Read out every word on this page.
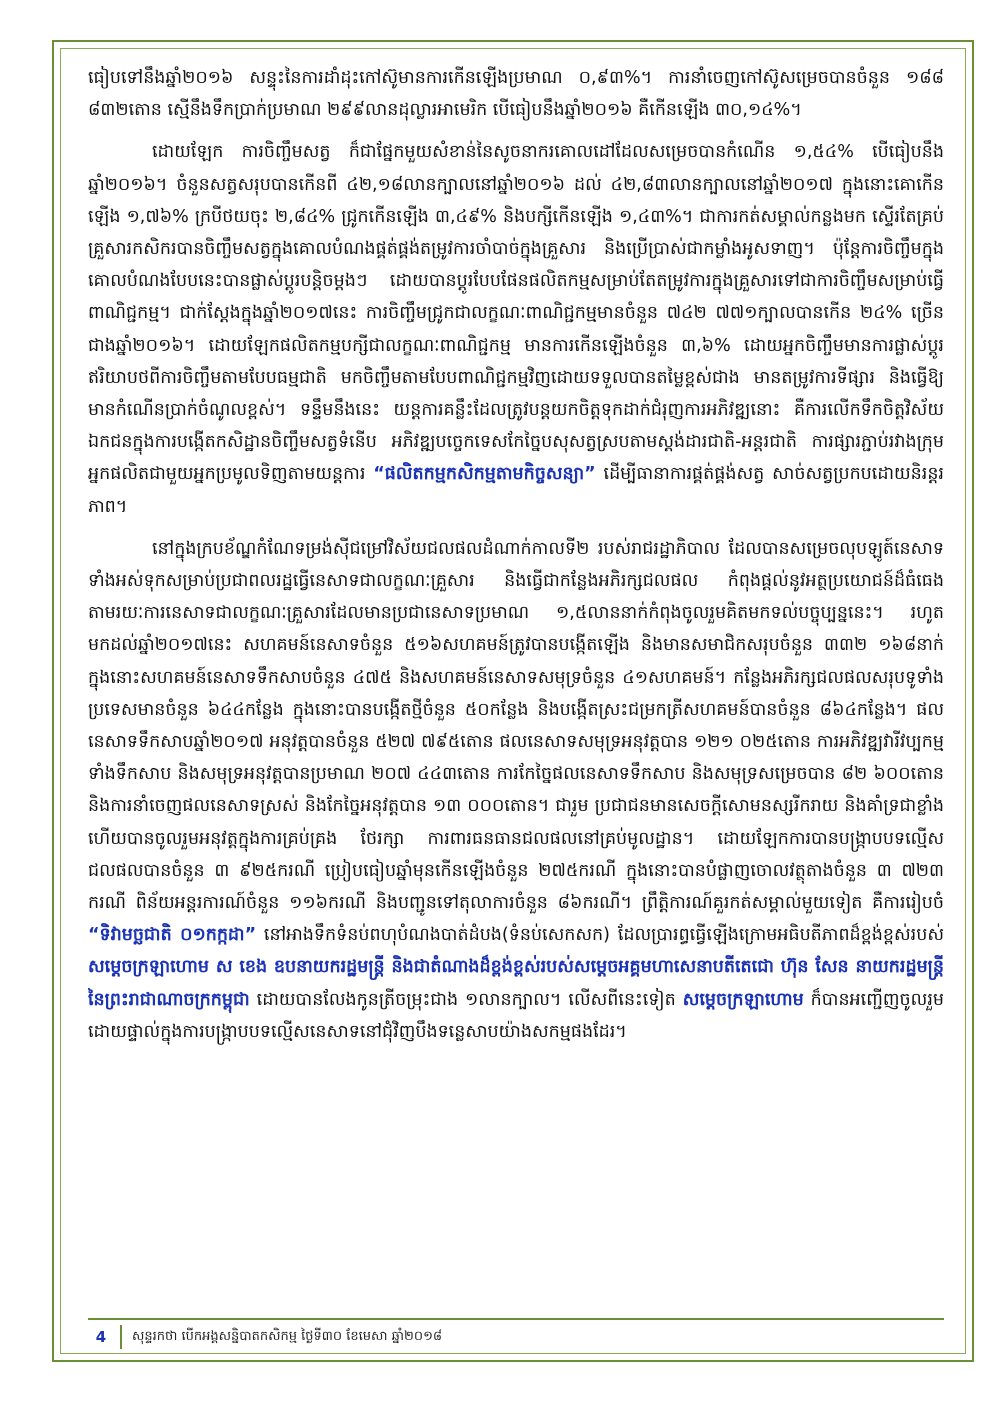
ធៀបទៅនឹងឆ្នាំ២០១៦ សន្ទុះនៃការដាំដុះកៅស៊ូមានការកើនឡើងប្រមាណ ០,៩៣%។ ការនាំចេញកៅស៊ូសម្រេចបានចំនួន ១៨៨ ៨៣២តោន ស្មើនឹងទឹកប្រាក់ប្រមាណ ២៩៩លានដុល្លារអាមេរិក បើធៀបនឹងឆ្នាំ២០១៦ គឺកើនឡើង ៣០,១៤%។

ដោយឡែក ការចិញ្ចឹមសត្វ ក៏ជាផ្នែកមួយសំខាន់នៃសូចនាករគោលដៅដែលសម្រេចបានកំណើន ១,៥៤% បើធៀបនឹងឆ្នាំ២០១៦។ ចំនួនសត្វសរុបបានកើនពី ៤២,១៨លានក្បាលនៅឆ្នាំ២០១៦ ដល់ ៤២,៨៣លានក្បាលនៅឆ្នាំ២០១៧ ក្នុងនោះគោកើនឡើង ១,៧៦% ក្របីថយចុះ ២,៨៤% ជ្រូកកើនឡើង ៣,៤៩% និងបក្សីកើនឡើង ១,៤៣%។ ជាការកត់សម្គាល់កន្លងមក ស្ទើរតែគ្រប់គ្រួសារកសិករបានចិញ្ចឹមសត្វក្នុងគោលបំណងផ្គត់ផ្គង់តម្រូវការចាំបាច់ក្នុងគ្រួសារ និងប្រើប្រាស់ជាកម្លាំងអូសទាញ។ ប៉ុន្តែការចិញ្ចឹមក្នុងគោលបំណងបែបនេះបានផ្លាស់ប្តូរបន្តិចម្តងៗ ដោយបានប្តូរបែបផែនផលិតកម្មសម្រាប់តែតម្រូវការក្នុងគ្រួសារទៅជាការចិញ្ចឹមសម្រាប់ធ្វើពាណិជ្ជកម្ម។ ជាក់ស្តែងក្នុងឆ្នាំ២០១៧នេះ ការចិញ្ចឹមជ្រូកជាលក្ខណៈពាណិជ្ជកម្មមានចំនួន ៧៤២ ៧៧១ក្បាលបានកើន ២៤% ច្រើនជាងឆ្នាំ២០១៦។ ដោយឡែកផលិតកម្មបក្សីជាលក្ខណៈពាណិជ្ជកម្ម មានការកើនឡើងចំនួន ៣,៦% ដោយអ្នកចិញ្ចឹមមានការផ្លាស់ប្តូរឥរិយាបថពីការចិញ្ចឹមតាមបែបធម្មជាតិ មកចិញ្ចឹមតាមបែបពាណិជ្ជកម្មវិញដោយទទួលបានតម្លៃខ្ពស់ជាង មានតម្រូវការទីផ្សារ និងធ្វើឱ្យមានកំណើនប្រាក់ចំណូលខ្ពស់។ ទន្ទឹមនឹងនេះ យន្តការគន្លឹះដែលត្រូវបន្តយកចិត្តទុកដាក់ជំរុញការអភិវឌ្ឍនោះ គឺការលើកទឹកចិត្តវិស័យឯកជនក្នុងការបង្កើតកសិដ្ឋានចិញ្ចឹមសត្វទំនើប អភិវឌ្ឍបច្ចេកទេសកែច្នៃបសុសត្វស្របតាមស្តង់ដារជាតិ-អន្តរជាតិ ការផ្សារភ្ជាប់រវាងក្រុមអ្នកផលិតជាមួយអ្នកប្រមូលទិញតាមយន្តការ “ផលិតកម្មកសិកម្មតាមកិច្ចសន្យា” ដើម្បីធានាការផ្គត់ផ្គង់សត្វ សាច់សត្វប្រកបដោយនិរន្តរភាព។

នៅក្នុងក្របខ័ណ្ឌកំណែទម្រង់ស៊ីជម្រៅវិស័យជលផលដំណាក់កាលទី២ របស់រាជរដ្ឋាភិបាល ដែលបានសម្រេចលុបឡូត៍នេសាទទាំងអស់ទុកសម្រាប់ប្រជាពលរដ្ឋធ្វើនេសាទជាលក្ខណៈគ្រួសារ និងធ្វើជាកន្លែងអភិរក្សជលផល កំពុងផ្តល់នូវអត្ថប្រយោជន៍ដ៏ធំធេងតាមរយៈការនេសាទជាលក្ខណៈគ្រួសារដែលមានប្រជានេសាទប្រមាណ ១,៥លាននាក់កំពុងចូលរួមគិតមកទល់បច្ចុប្បន្ននេះ។ រហូតមកដល់ឆ្នាំ២០១៧នេះ សហគមន៍នេសាទចំនួន ៥១៦សហគមន៍ត្រូវបានបង្កើតឡើង និងមានសមាជិកសរុបចំនួន ៣៣២ ១៦៨នាក់ ក្នុងនោះសហគមន៍នេសាទទឹកសាបចំនួន ៤៧៥ និងសហគមន៍នេសាទសមុទ្រចំនួន ៤១សហគមន៍។ កន្លែងអភិរក្សជលផលសរុបទូទាំងប្រទេសមានចំនួន ៦៤៤កន្លែង ក្នុងនោះបានបង្កើតថ្មីចំនួន ៥០កន្លែង និងបង្កើតស្រះជម្រកត្រីសហគមន៍បានចំនួន ៨៦៤កន្លែង។ ផលនេសាទទឹកសាបឆ្នាំ២០១៧ អនុវត្តបានចំនួន ៥២៧ ៧៩៥តោន ផលនេសាទសមុទ្រអនុវត្តបាន ១២១ ០២៥តោន ការអភិវឌ្ឍវារីវប្បកម្មទាំងទឹកសាប និងសមុទ្រអនុវត្តបានប្រមាណ ២០៧ ៤៤៣តោន ការកែច្នៃផលនេសាទទឹកសាប និងសមុទ្រសម្រេចបាន ៨២ ៦០០តោន និងការនាំចេញផលនេសាទស្រស់ និងកែច្នៃអនុវត្តបាន ១៣ ០០០តោន។ ជារួម ប្រជាជនមានសេចក្តីសោមនស្សរីករាយ និងគាំទ្រជាខ្លាំងហើយបានចូលរួមអនុវត្តក្នុងការគ្រប់គ្រង ថែរក្សា ការពារធនធានជលផលនៅគ្រប់មូលដ្ឋាន។ ដោយឡែកការបានបង្ក្រាបបទល្មើសជលផលបានចំនួន ៣ ៩២៥ករណី ប្រៀបធៀបឆ្នាំមុនកើនឡើងចំនួន ២៧៥ករណី ក្នុងនោះបានបំផ្លាញចោលវត្ថុតាងចំនួន ៣ ៧២៣ ករណី ពិន័យអន្តរការណ៍ចំនួន ១១៦ករណី និងបញ្ជូនទៅតុលាការចំនួន ៨៦ករណី។ ព្រឹត្តិការណ៍គួរកត់សម្គាល់មួយទៀត គឺការរៀបចំ “ទិវាមច្ឆជាតិ ០១កក្កដា” នៅអាងទឹកទំនប់ពហុបំណងបាត់ដំបង(ទំនប់សេកសក) ដែលប្រារព្ធធ្វើឡើងក្រោមអធិបតីភាពដ៏ខ្ពង់ខ្ពស់របស់សម្តេចក្រឡាហោម ស ខេង ឧបនាយករដ្ឋមន្ត្រី និងជាតំណាងដ៏ខ្ពង់ខ្ពស់របស់សម្តេចអគ្គមហាសេនាបតីតេជោ ហ៊ុន សែន នាយករដ្ឋមន្ត្រីនៃព្រះរាជាណាចក្រកម្ពុជា ដោយបានលែងកូនត្រីចម្រុះជាង ១លានក្បាល។ លើសពីនេះទៀត សម្តេចក្រឡាហោម ក៏បានអញ្ជើញចូលរួមដោយផ្ទាល់ក្នុងការបង្ក្រាបបទល្មើសនេសាទនៅជុំវិញបឹងទន្លេសាបយ៉ាងសកម្មផងដែរ។

4	សុន្ទរកថា បើកអង្គសន្និបាតកសិកម្ម ថ្ងៃទី៣០ ខែមេសា ឆ្នាំ២០១៨
